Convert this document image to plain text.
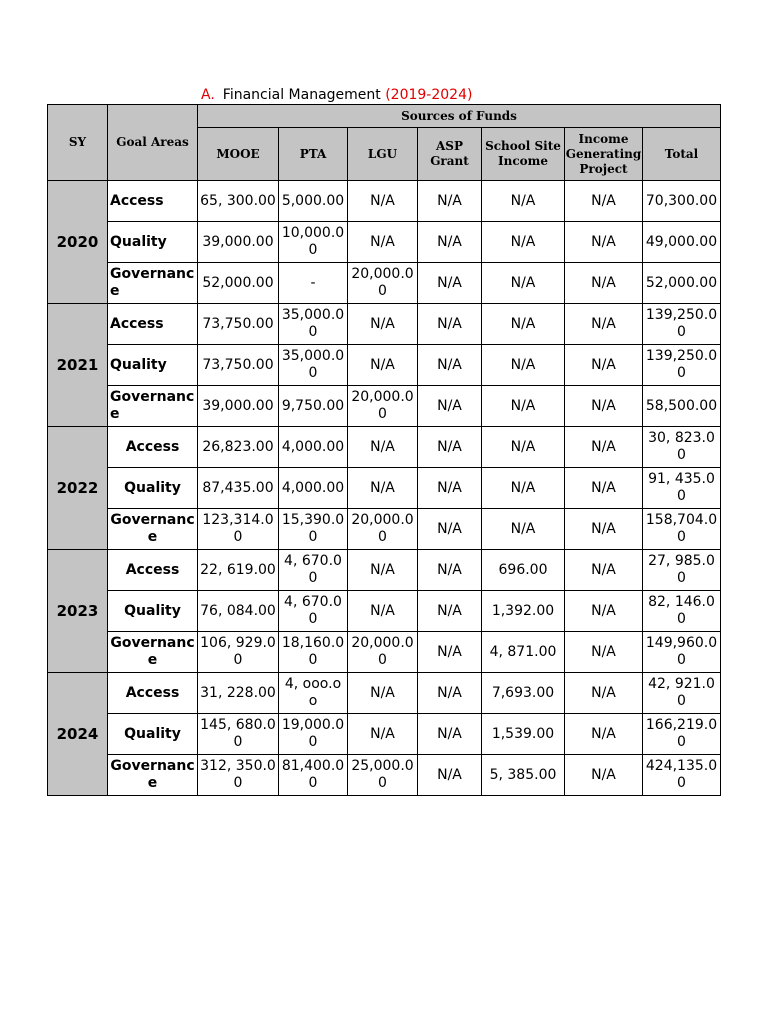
A. Financial Management (2019-2024)
SY	Goal Areas	Sources of Funds						
		MOOE	PTA	LGU	ASP Grant	School Site Income	Income Generating Project	Total
2020	Access	65, 300.00	5,000.00	N/A	N/A	N/A	N/A	70,300.00
	Quality	39,000.00	10,000.00	N/A	N/A	N/A	N/A	49,000.00
	Governance	52,000.00	-	20,000.00	N/A	N/A	N/A	52,000.00
2021	Access	73,750.00	35,000.00	N/A	N/A	N/A	N/A	139,250.00
	Quality	73,750.00	35,000.00	N/A	N/A	N/A	N/A	139,250.00
	Governance	39,000.00	9,750.00	20,000.00	N/A	N/A	N/A	58,500.00
2022	Access	26,823.00	4,000.00	N/A	N/A	N/A	N/A	30, 823.00
	Quality	87,435.00	4,000.00	N/A	N/A	N/A	N/A	91, 435.00
	Governance	123,314.00	15,390.00	20,000.00	N/A	N/A	N/A	158,704.00
2023	Access	22, 619.00	4, 670.00	N/A	N/A	696.00	N/A	27, 985.00
	Quality	76, 084.00	4, 670.00	N/A	N/A	1,392.00	N/A	82, 146.00
	Governance	106, 929.00	18,160.00	20,000.00	N/A	4, 871.00	N/A	149,960.00
2024	Access	31, 228.00	4, ooo.oo	N/A	N/A	7,693.00	N/A	42, 921.00
	Quality	145, 680.00	19,000.00	N/A	N/A	1,539.00	N/A	166,219.00
	Governance	312, 350.00	81,400.00	25,000.00	N/A	5, 385.00	N/A	424,135.00
